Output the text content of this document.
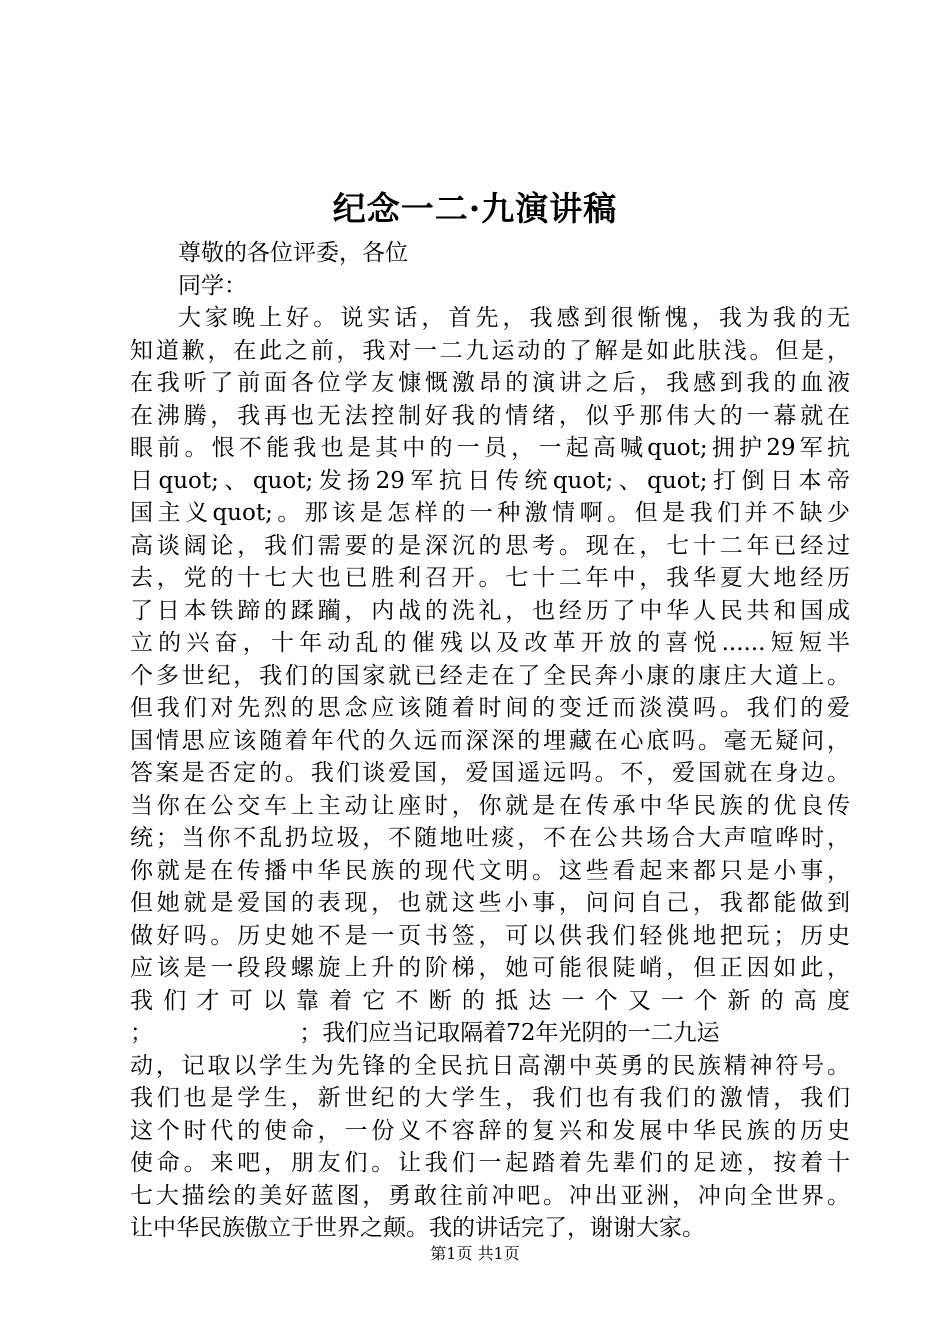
纪念一二·九演讲稿
尊敬的各位评委，各位
同学：
大家晚上好。说实话，首先，我感到很惭愧，我为我的无
知道歉，在此之前，我对一二九运动的了解是如此肤浅。但是，
在我听了前面各位学友慷慨激昂的演讲之后，我感到我的血液
在沸腾，我再也无法控制好我的情绪，似乎那伟大的一幕就在
眼前。恨不能我也是其中的一员，一起高喊quot;拥护29军抗
日quot;、quot;发扬29军抗日传统quot;、quot;打倒日本帝
国主义quot;。那该是怎样的一种激情啊。但是我们并不缺少
高谈阔论，我们需要的是深沉的思考。现在，七十二年已经过
去，党的十七大也已胜利召开。七十二年中，我华夏大地经历
了日本铁蹄的蹂躏，内战的洗礼，也经历了中华人民共和国成
立的兴奋，十年动乱的催残以及改革开放的喜悦......短短半
个多世纪，我们的国家就已经走在了全民奔小康的康庄大道上。
但我们对先烈的思念应该随着时间的变迁而淡漠吗。我们的爱
国情思应该随着年代的久远而深深的埋藏在心底吗。毫无疑问，
答案是否定的。我们谈爱国，爱国遥远吗。不，爱国就在身边。
当你在公交车上主动让座时，你就是在传承中华民族的优良传
统；当你不乱扔垃圾，不随地吐痰，不在公共场合大声喧哗时，
你就是在传播中华民族的现代文明。这些看起来都只是小事，
但她就是爱国的表现，也就这些小事，问问自己，我都能做到
做好吗。历史她不是一页书签，可以供我们轻佻地把玩；历史
应该是一段段螺旋上升的阶梯，她可能很陡峭，但正因如此，
我们才可以靠着它不断的抵达一个又一个新的高度
；                    ；我们应当记取隔着72年光阴的一二九运
动，记取以学生为先锋的全民抗日高潮中英勇的民族精神符号。
我们也是学生，新世纪的大学生，我们也有我们的激情，我们
这个时代的使命，一份义不容辞的复兴和发展中华民族的历史
使命。来吧，朋友们。让我们一起踏着先辈们的足迹，按着十
七大描绘的美好蓝图，勇敢往前冲吧。冲出亚洲，冲向全世界。
让中华民族傲立于世界之颠。我的讲话完了，谢谢大家。
第1页 共1页
